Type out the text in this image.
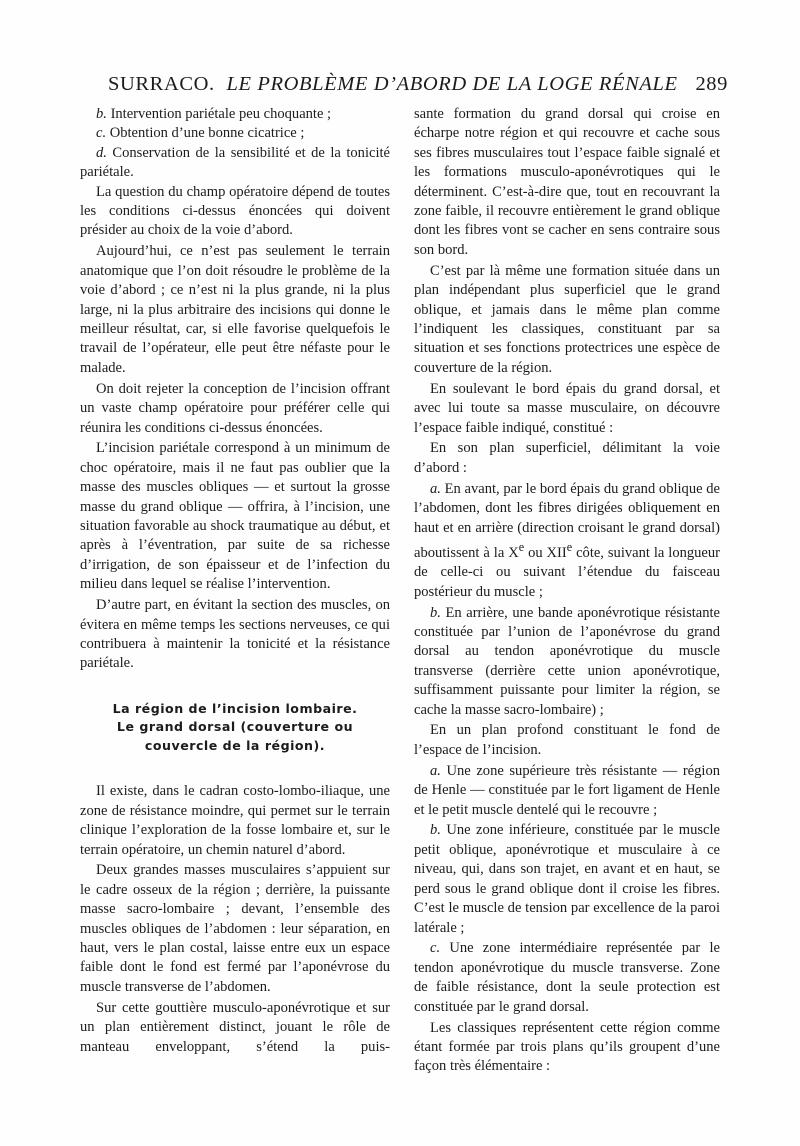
SURRACO. LE PROBLÈME D’ABORD DE LA LOGE RÉNALE 289

b. Intervention pariétale peu choquante ;

c. Obtention d’une bonne cicatrice ;

d. Conservation de la sensibilité et de la tonicité pariétale.

La question du champ opératoire dépend de toutes les conditions ci-dessus énoncées qui doivent présider au choix de la voie d’abord.

Aujourd’hui, ce n’est pas seulement le terrain anatomique que l’on doit résoudre le problème de la voie d’abord ; ce n’est ni la plus grande, ni la plus large, ni la plus arbitraire des incisions qui donne le meilleur résultat, car, si elle favorise quelquefois le travail de l’opérateur, elle peut être néfaste pour le malade.

On doit rejeter la conception de l’incision offrant un vaste champ opératoire pour préférer celle qui réunira les conditions ci-dessus énoncées.

L’incision pariétale correspond à un minimum de choc opératoire, mais il ne faut pas oublier que la masse des muscles obliques — et surtout la grosse masse du grand oblique — offrira, à l’incision, une situation favorable au shock traumatique au début, et après à l’éventration, par suite de sa richesse d’irrigation, de son épaisseur et de l’infection du milieu dans lequel se réalise l’intervention.

D’autre part, en évitant la section des muscles, on évitera en même temps les sections nerveuses, ce qui contribuera à maintenir la tonicité et la résistance pariétale.

La région de l’incision lombaire.
Le grand dorsal (couverture ou couvercle de la région).

Il existe, dans le cadran costo-lombo-iliaque, une zone de résistance moindre, qui permet sur le terrain clinique l’exploration de la fosse lombaire et, sur le terrain opératoire, un chemin naturel d’abord.

Deux grandes masses musculaires s’appuient sur le cadre osseux de la région ; derrière, la puissante masse sacro-lombaire ; devant, l’ensemble des muscles obliques de l’abdomen : leur séparation, en haut, vers le plan costal, laisse entre eux un espace faible dont le fond est fermé par l’aponévrose du muscle transverse de l’abdomen.

Sur cette gouttière musculo-aponévrotique et sur un plan entièrement distinct, jouant le rôle de manteau enveloppant, s’étend la puis-

sante formation du grand dorsal qui croise en écharpe notre région et qui recouvre et cache sous ses fibres musculaires tout l’espace faible signalé et les formations musculo-aponévrotiques qui le déterminent. C’est-à-dire que, tout en recouvrant la zone faible, il recouvre entièrement le grand oblique dont les fibres vont se cacher en sens contraire sous son bord.

C’est par là même une formation située dans un plan indépendant plus superficiel que le grand oblique, et jamais dans le même plan comme l’indiquent les classiques, constituant par sa situation et ses fonctions protectrices une espèce de couverture de la région.

En soulevant le bord épais du grand dorsal, et avec lui toute sa masse musculaire, on découvre l’espace faible indiqué, constitué :

En son plan superficiel, délimitant la voie d’abord :

a. En avant, par le bord épais du grand oblique de l’abdomen, dont les fibres dirigées obliquement en haut et en arrière (direction croisant le grand dorsal) aboutissent à la Xe ou XIIe côte, suivant la longueur de celle-ci ou suivant l’étendue du faisceau postérieur du muscle ;

b. En arrière, une bande aponévrotique résistante constituée par l’union de l’aponévrose du grand dorsal au tendon aponévrotique du muscle transverse (derrière cette union aponévrotique, suffisamment puissante pour limiter la région, se cache la masse sacro-lombaire) ;

En un plan profond constituant le fond de l’espace de l’incision.

a. Une zone supérieure très résistante — région de Henle — constituée par le fort ligament de Henle et le petit muscle dentelé qui le recouvre ;

b. Une zone inférieure, constituée par le muscle petit oblique, aponévrotique et musculaire à ce niveau, qui, dans son trajet, en avant et en haut, se perd sous le grand oblique dont il croise les fibres. C’est le muscle de tension par excellence de la paroi latérale ;

c. Une zone intermédiaire représentée par le tendon aponévrotique du muscle transverse. Zone de faible résistance, dont la seule protection est constituée par le grand dorsal.

Les classiques représentent cette région comme étant formée par trois plans qu’ils groupent d’une façon très élémentaire :
